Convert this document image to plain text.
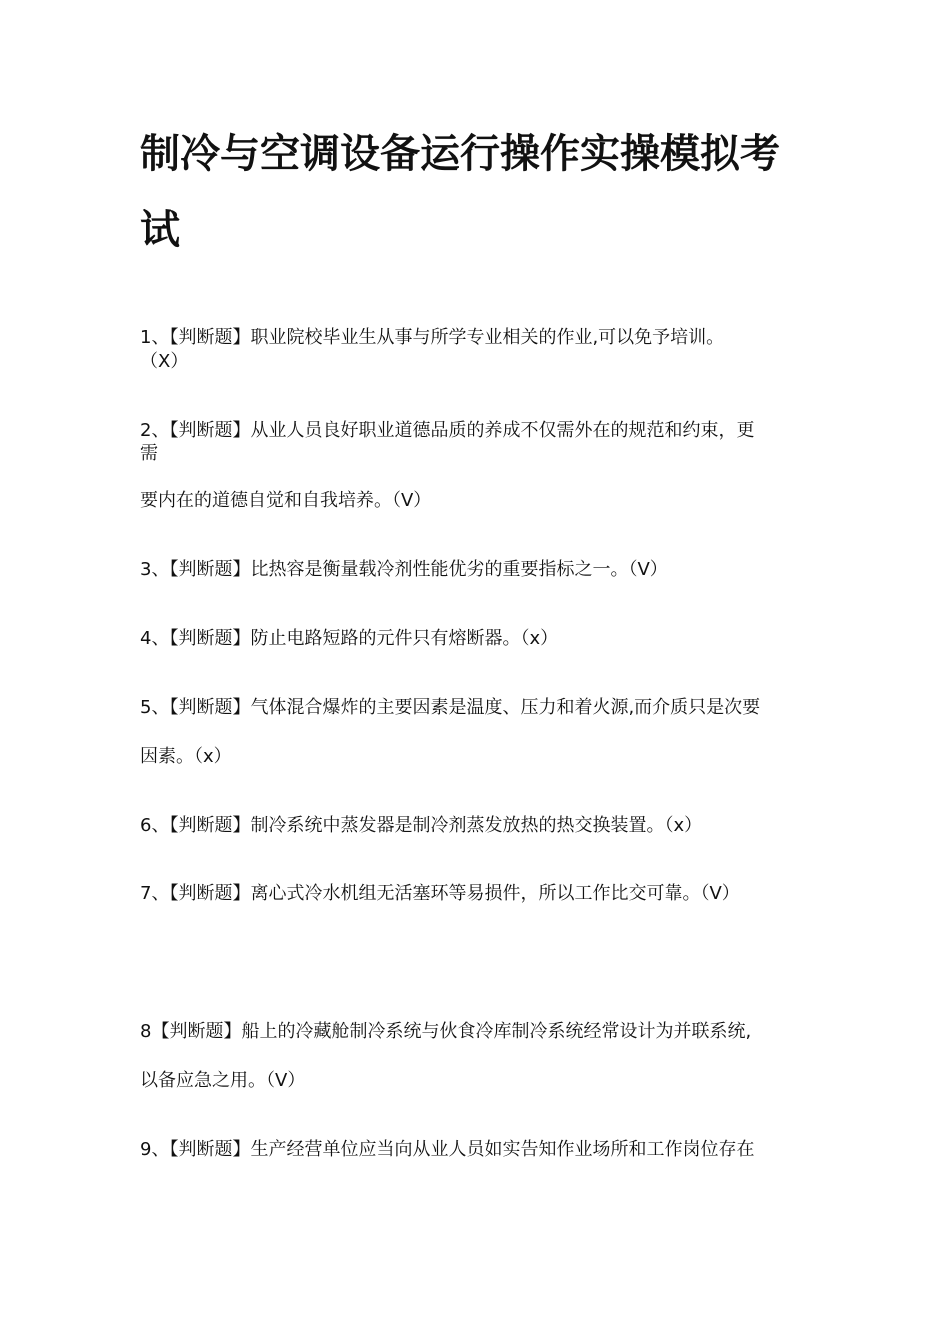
制冷与空调设备运行操作实操模拟考
试

1、【判断题】职业院校毕业生从事与所学专业相关的作业,可以免予培训。

（X）

2、【判断题】从业人员良好职业道德品质的养成不仅需外在的规范和约束，更

需

要内在的道德自觉和自我培养。（V）

3、【判断题】比热容是衡量载冷剂性能优劣的重要指标之一。（V）

4、【判断题】防止电路短路的元件只有熔断器。（x）

5、【判断题】气体混合爆炸的主要因素是温度、压力和着火源,而介质只是次要

因素。（x）

6、【判断题】制冷系统中蒸发器是制冷剂蒸发放热的热交换装置。（x）

7、【判断题】离心式冷水机组无活塞环等易损件，所以工作比交可靠。（V）

8【判断题】船上的冷藏舱制冷系统与伙食冷库制冷系统经常设计为并联系统,

以备应急之用。（V）

9、【判断题】生产经营单位应当向从业人员如实告知作业场所和工作岗位存在
